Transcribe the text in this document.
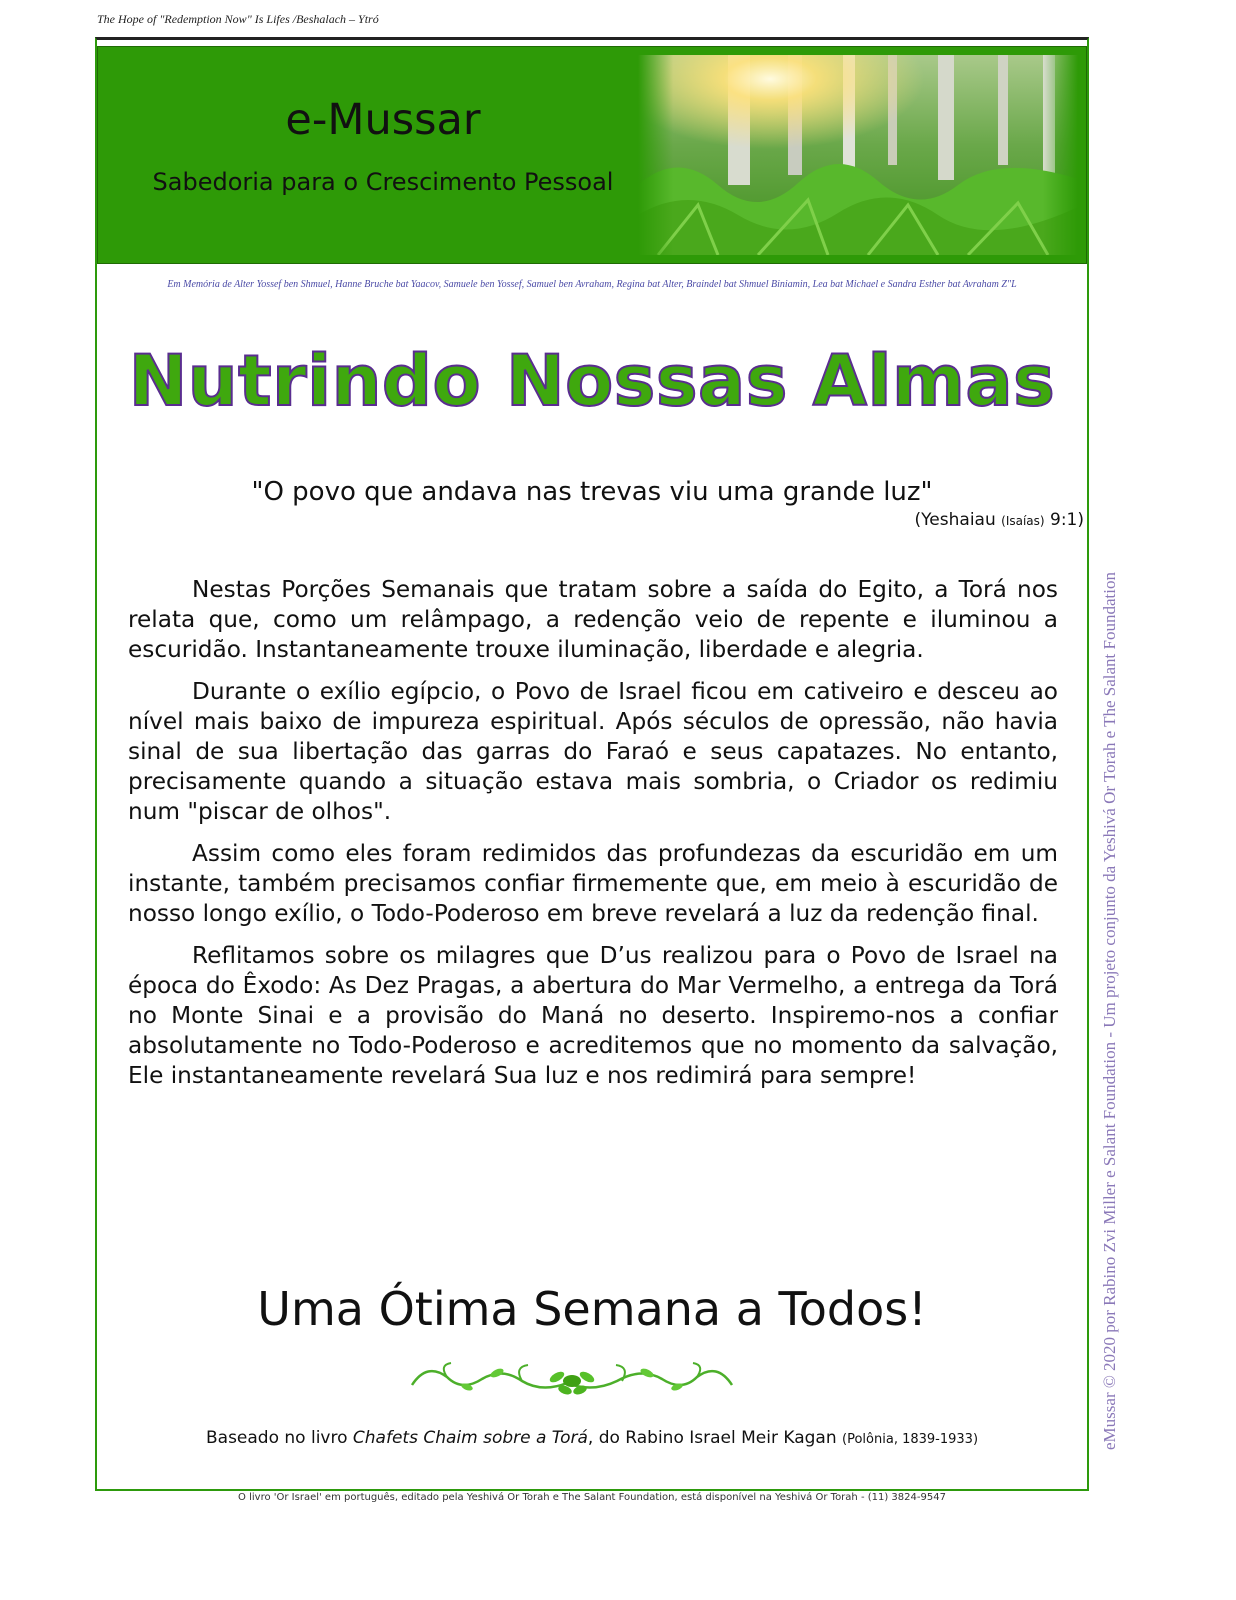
The Hope of "Redemption Now" Is Lifes /Beshalach – Ytró
e-Mussar
Sabedoria para o Crescimento Pessoal
Em Memória de Alter Yossef ben Shmuel, Hanne Bruche bat Yaacov, Samuele ben Yossef, Samuel ben Avraham, Regina bat Alter, Braindel bat Shmuel Biniamin, Lea bat Michael e Sandra Esther bat Avraham Z"L
Nutrindo Nossas Almas
"O povo que andava nas trevas viu uma grande luz"
(Yeshaiau (Isaías) 9:1)

Nestas Porções Semanais que tratam sobre a saída do Egito, a Torá nos relata que, como um relâmpago, a redenção veio de repente e iluminou a escuridão. Instantaneamente trouxe iluminação, liberdade e alegria.

Durante o exílio egípcio, o Povo de Israel ficou em cativeiro e desceu ao nível mais baixo de impureza espiritual. Após séculos de opressão, não havia sinal de sua libertação das garras do Faraó e seus capatazes. No entanto, precisamente quando a situação estava mais sombria, o Criador os redimiu num "piscar de olhos".

Assim como eles foram redimidos das profundezas da escuridão em um instante, também precisamos confiar firmemente que, em meio à escuridão de nosso longo exílio, o Todo-Poderoso em breve revelará a luz da redenção final.

Reflitamos sobre os milagres que D’us realizou para o Povo de Israel na época do Êxodo: As Dez Pragas, a abertura do Mar Vermelho, a entrega da Torá no Monte Sinai e a provisão do Maná no deserto. Inspiremo-nos a confiar absolutamente no Todo-Poderoso e acreditemos que no momento da salvação, Ele instantaneamente revelará Sua luz e nos redimirá para sempre!

Uma Ótima Semana a Todos!
Baseado no livro Chafets Chaim sobre a Torá, do Rabino Israel Meir Kagan (Polônia, 1839-1933)
O livro 'Or Israel' em português, editado pela Yeshivá Or Torah e The Salant Foundation, está disponível na Yeshivá Or Torah - (11) 3824-9547
eMussar © 2020 por Rabino Zvi Miller e Salant Foundation - Um projeto conjunto da Yeshivá Or Torah e The Salant Foundation
